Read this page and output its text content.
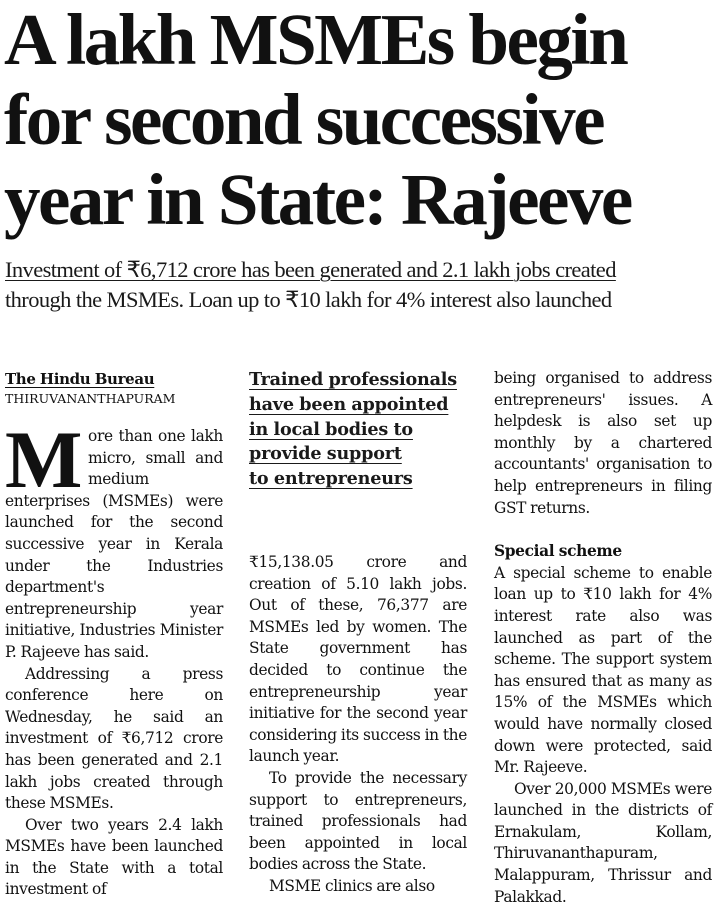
A lakh MSMEs begin for second successive year in State: Rajeeve
Investment of ₹6,712 crore has been generated and 2.1 lakh jobs created
through the MSMEs. Loan up to ₹10 lakh for 4% interest also launched
The Hindu Bureau
THIRUVANANTHAPURAM

More than one lakh micro, small and medium enterprises (MSMEs) were launched for the second successive year in Kerala under the Industries department's entrepreneurship year initiative, Industries Minister P. Rajeeve has said.

Addressing a press conference here on Wednesday, he said an investment of ₹6,712 crore has been generated and 2.1 lakh jobs created through these MSMEs.

Over two years 2.4 lakh MSMEs have been launched in the State with a total investment of

Trained professionals
have been appointed
in local bodies to
provide support
to entrepreneurs

₹15,138.05 crore and creation of 5.10 lakh jobs. Out of these, 76,377 are MSMEs led by women. The State government has decided to continue the entrepreneurship year initiative for the second year considering its success in the launch year.

To provide the necessary support to entrepreneurs, trained professionals had been appointed in local bodies across the State.

MSME clinics are also

being organised to address entrepreneurs' issues. A helpdesk is also set up monthly by a chartered accountants' organisation to help entrepreneurs in filing GST returns.

Special scheme

A special scheme to enable loan up to ₹10 lakh for 4% interest rate also was launched as part of the scheme. The support system has ensured that as many as 15% of the MSMEs which would have normally closed down were protected, said Mr. Rajeeve.

Over 20,000 MSMEs were launched in the districts of Ernakulam, Kollam, Thiruvananthapuram, Malappuram, Thrissur and Palakkad.
